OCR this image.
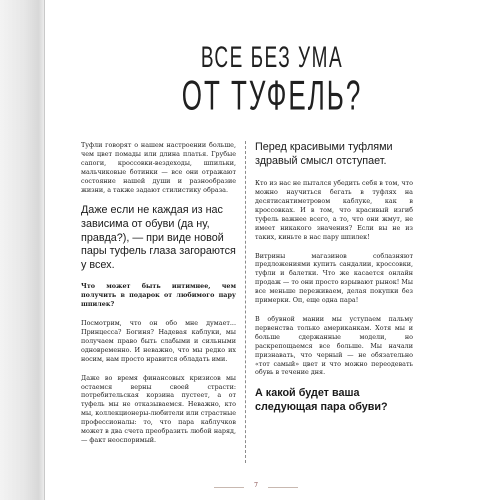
ВСЕ БЕЗ УМА
ОТ ТУФЕЛЬ?

Туфли говорят о нашем настроении больше, чем цвет помады или длина платья. Грубые сапоги, кроссовки-вездеходы, шпильки, мальчиковые ботинки — все они отражают состояние нашей души и разнообразие жизни, а также задают стилистику образа.

Даже если не каждая из нас зависима от обуви (да ну, правда?), — при виде новой пары туфель глаза загораются у всех.

Что может быть интимнее, чем получить в подарок от любимого пару шпилек?

Посмотрим, что он обо мне думает... Принцесса? Богиня? Надевая каблуки, мы получаем право быть слабыми и сильными одновременно. И неважно, что мы редко их носим, нам просто нравится обладать ими.

Даже во время финансовых кризисов мы остаемся верны своей страсти: потребительская корзина пустеет, а от туфель мы не отказываемся. Неважно, кто мы, коллекционеры-любители или страстные профессионалы: то, что пара каблучков может в два счета преобразить любой наряд, — факт неоспоримый.

Перед красивыми туфлями здравый смысл отступает.

Кто из нас не пытался убедить себя в том, что можно научиться бегать в туфлях на десятисантиметровом каблуке, как в кроссовках. И в том, что красивый изгиб туфель важнее всего, а то, что они жмут, не имеет никакого значения? Если вы не из таких, киньте в нас пару шпилек!

Витрины магазинов соблазняют предложениями купить сандалии, кроссовки, туфли и балетки. Что же касается онлайн продаж — то они просто взрывают рынок! Мы все меньше переживаем, делая покупки без примерки. Оп, еще одна пара!

В обувной мании мы уступаем пальму первенства только американкам. Хотя мы и больше сдержанные модели, но раскрепощаемся все больше. Мы начали признавать, что черный — не обязательно «тот самый» цвет и что можно переодевать обувь в течение дня.

А какой будет ваша следующая пара обуви?

7
